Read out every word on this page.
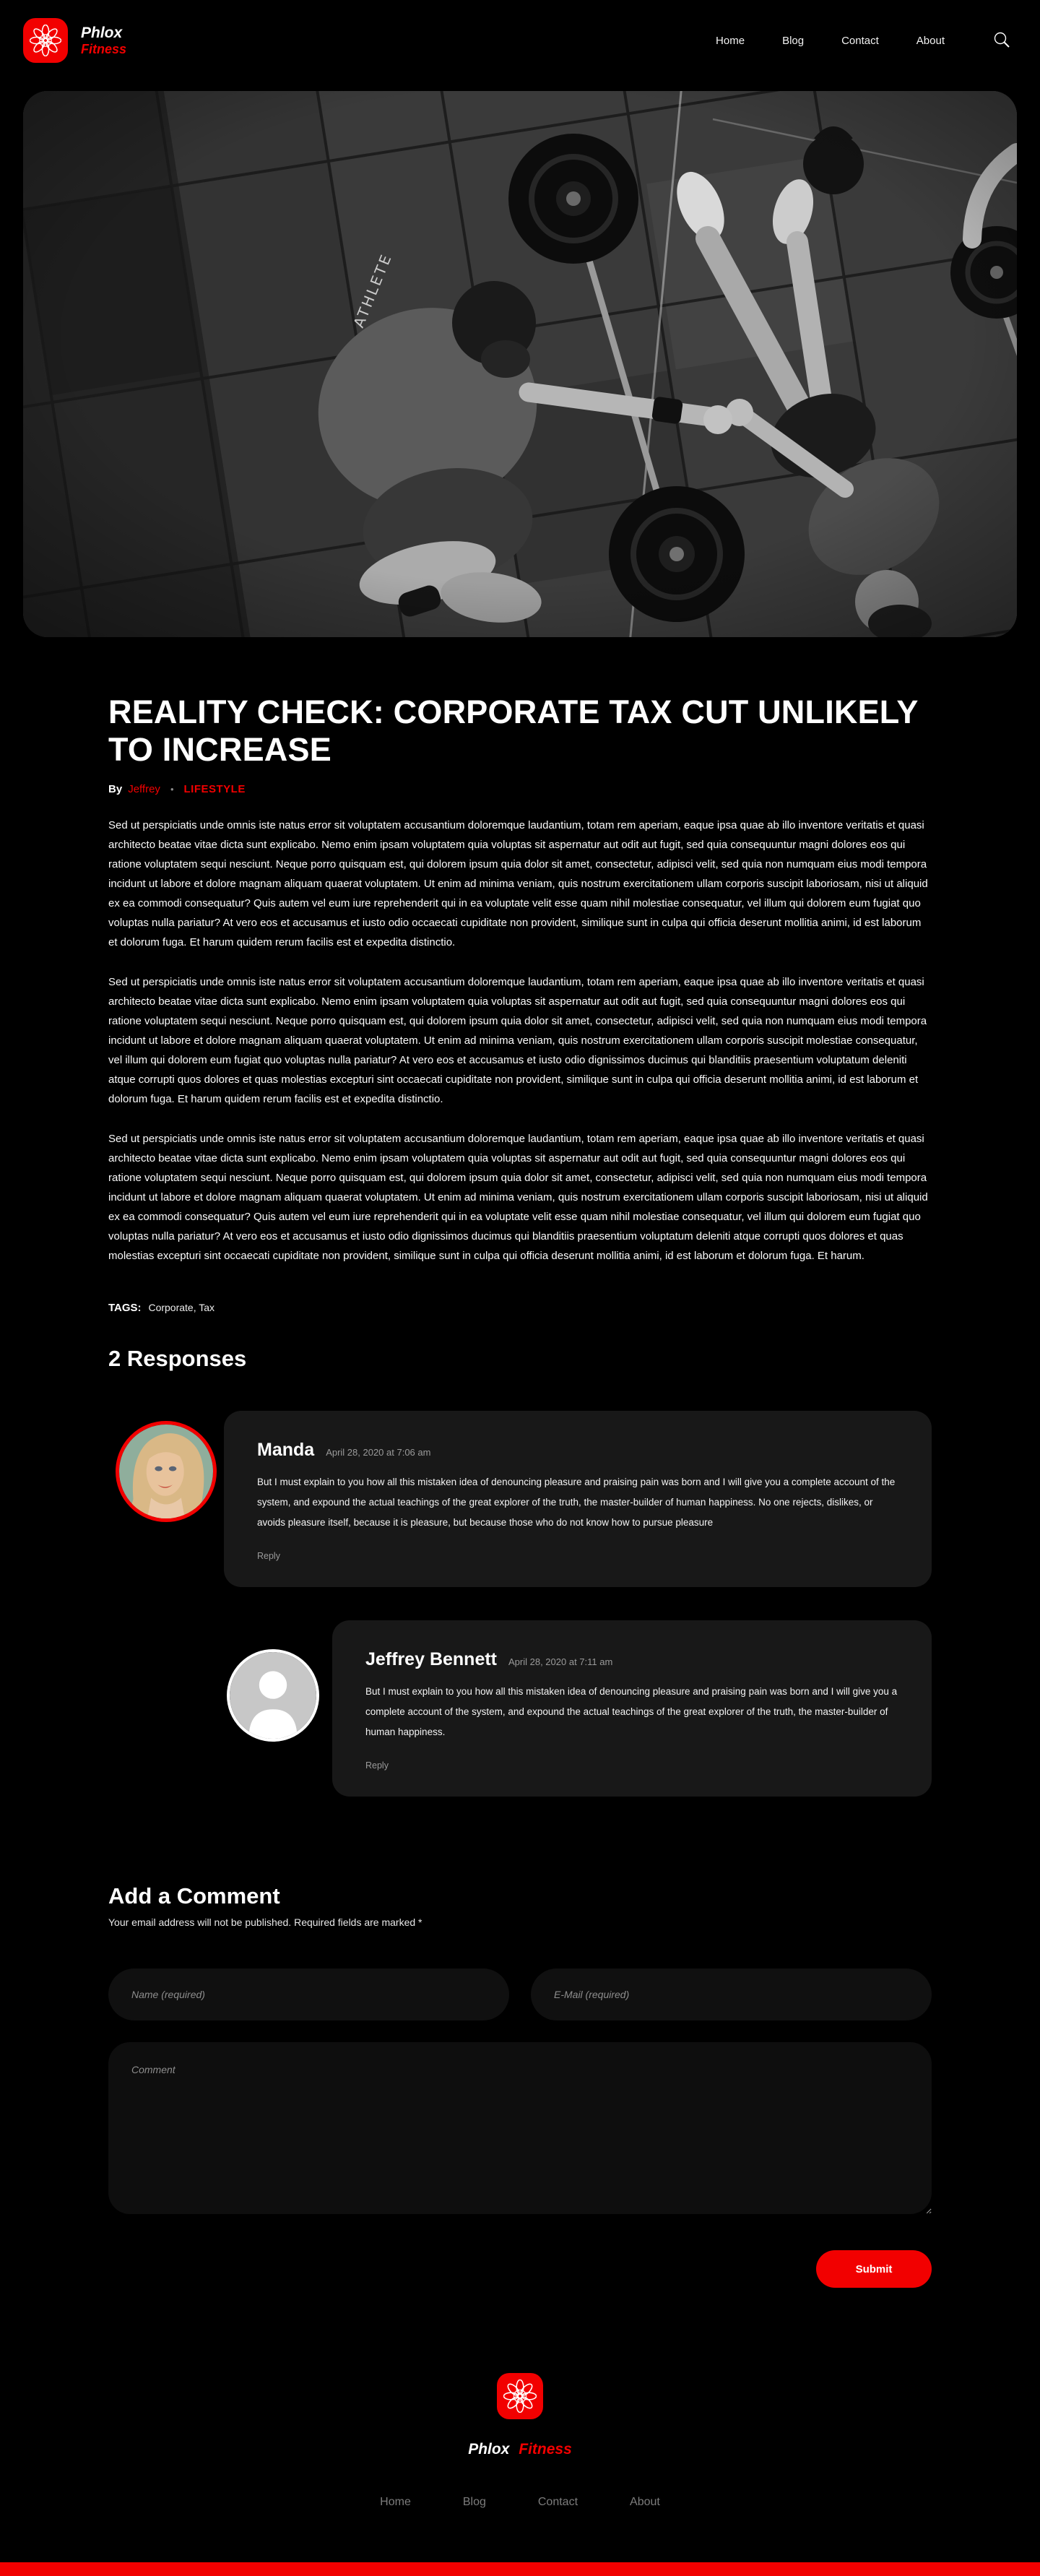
Phlox
Fitness
Home	Blog	Contact	About
REALITY CHECK: CORPORATE TAX CUT UNLIKELY TO INCREASE
By Jeffrey	• LIFESTYLE

Sed ut perspiciatis unde omnis iste natus error sit voluptatem accusantium doloremque laudantium, totam rem aperiam, eaque ipsa quae ab illo inventore veritatis et quasi architecto beatae vitae dicta sunt explicabo. Nemo enim ipsam voluptatem quia voluptas sit aspernatur aut odit aut fugit, sed quia consequuntur magni dolores eos qui ratione voluptatem sequi nesciunt. Neque porro quisquam est, qui dolorem ipsum quia dolor sit amet, consectetur, adipisci velit, sed quia non numquam eius modi tempora incidunt ut labore et dolore magnam aliquam quaerat voluptatem. Ut enim ad minima veniam, quis nostrum exercitationem ullam corporis suscipit laboriosam, nisi ut aliquid ex ea commodi consequatur? Quis autem vel eum iure reprehenderit qui in ea voluptate velit esse quam nihil molestiae consequatur, vel illum qui dolorem eum fugiat quo voluptas nulla pariatur? At vero eos et accusamus et iusto odio occaecati cupiditate non provident, similique sunt in culpa qui officia deserunt mollitia animi, id est laborum et dolorum fuga. Et harum quidem rerum facilis est et expedita distinctio.

Sed ut perspiciatis unde omnis iste natus error sit voluptatem accusantium doloremque laudantium, totam rem aperiam, eaque ipsa quae ab illo inventore veritatis et quasi architecto beatae vitae dicta sunt explicabo. Nemo enim ipsam voluptatem quia voluptas sit aspernatur aut odit aut fugit, sed quia consequuntur magni dolores eos qui ratione voluptatem sequi nesciunt. Neque porro quisquam est, qui dolorem ipsum quia dolor sit amet, consectetur, adipisci velit, sed quia non numquam eius modi tempora incidunt ut labore et dolore magnam aliquam quaerat voluptatem. Ut enim ad minima veniam, quis nostrum exercitationem ullam corporis suscipit molestiae consequatur, vel illum qui dolorem eum fugiat quo voluptas nulla pariatur? At vero eos et accusamus et iusto odio dignissimos ducimus qui blanditiis praesentium voluptatum deleniti atque corrupti quos dolores et quas molestias excepturi sint occaecati cupiditate non provident, similique sunt in culpa qui officia deserunt mollitia animi, id est laborum et dolorum fuga. Et harum quidem rerum facilis est et expedita distinctio.

Sed ut perspiciatis unde omnis iste natus error sit voluptatem accusantium doloremque laudantium, totam rem aperiam, eaque ipsa quae ab illo inventore veritatis et quasi architecto beatae vitae dicta sunt explicabo. Nemo enim ipsam voluptatem quia voluptas sit aspernatur aut odit aut fugit, sed quia consequuntur magni dolores eos qui ratione voluptatem sequi nesciunt. Neque porro quisquam est, qui dolorem ipsum quia dolor sit amet, consectetur, adipisci velit, sed quia non numquam eius modi tempora incidunt ut labore et dolore magnam aliquam quaerat voluptatem. Ut enim ad minima veniam, quis nostrum exercitationem ullam corporis suscipit laboriosam, nisi ut aliquid ex ea commodi consequatur? Quis autem vel eum iure reprehenderit qui in ea voluptate velit esse quam nihil molestiae consequatur, vel illum qui dolorem eum fugiat quo voluptas nulla pariatur? At vero eos et accusamus et iusto odio dignissimos ducimus qui blanditiis praesentium voluptatum deleniti atque corrupti quos dolores et quas molestias excepturi sint occaecati cupiditate non provident, similique sunt in culpa qui officia deserunt mollitia animi, id est laborum et dolorum fuga. Et harum.

TAGS: Corporate, Tax
2 Responses
Manda April 28, 2020 at 7:06 am

But I must explain to you how all this mistaken idea of denouncing pleasure and praising pain was born and I will give you a complete account of the system, and expound the actual teachings of the great explorer of the truth, the master-builder of human happiness. No one rejects, dislikes, or avoids pleasure itself, because it is pleasure, but because those who do not know how to pursue pleasure

Reply
Jeffrey Bennett April 28, 2020 at 7:11 am

But I must explain to you how all this mistaken idea of denouncing pleasure and praising pain was born and I will give you a complete account of the system, and expound the actual teachings of the great explorer of the truth, the master-builder of human happiness.

Reply
Add a Comment

Your email address will not be published. Required fields are marked *

Name (required)
E-Mail (required)
Comment
Submit
Phlox Fitness
Home	Blog	Contact	About
